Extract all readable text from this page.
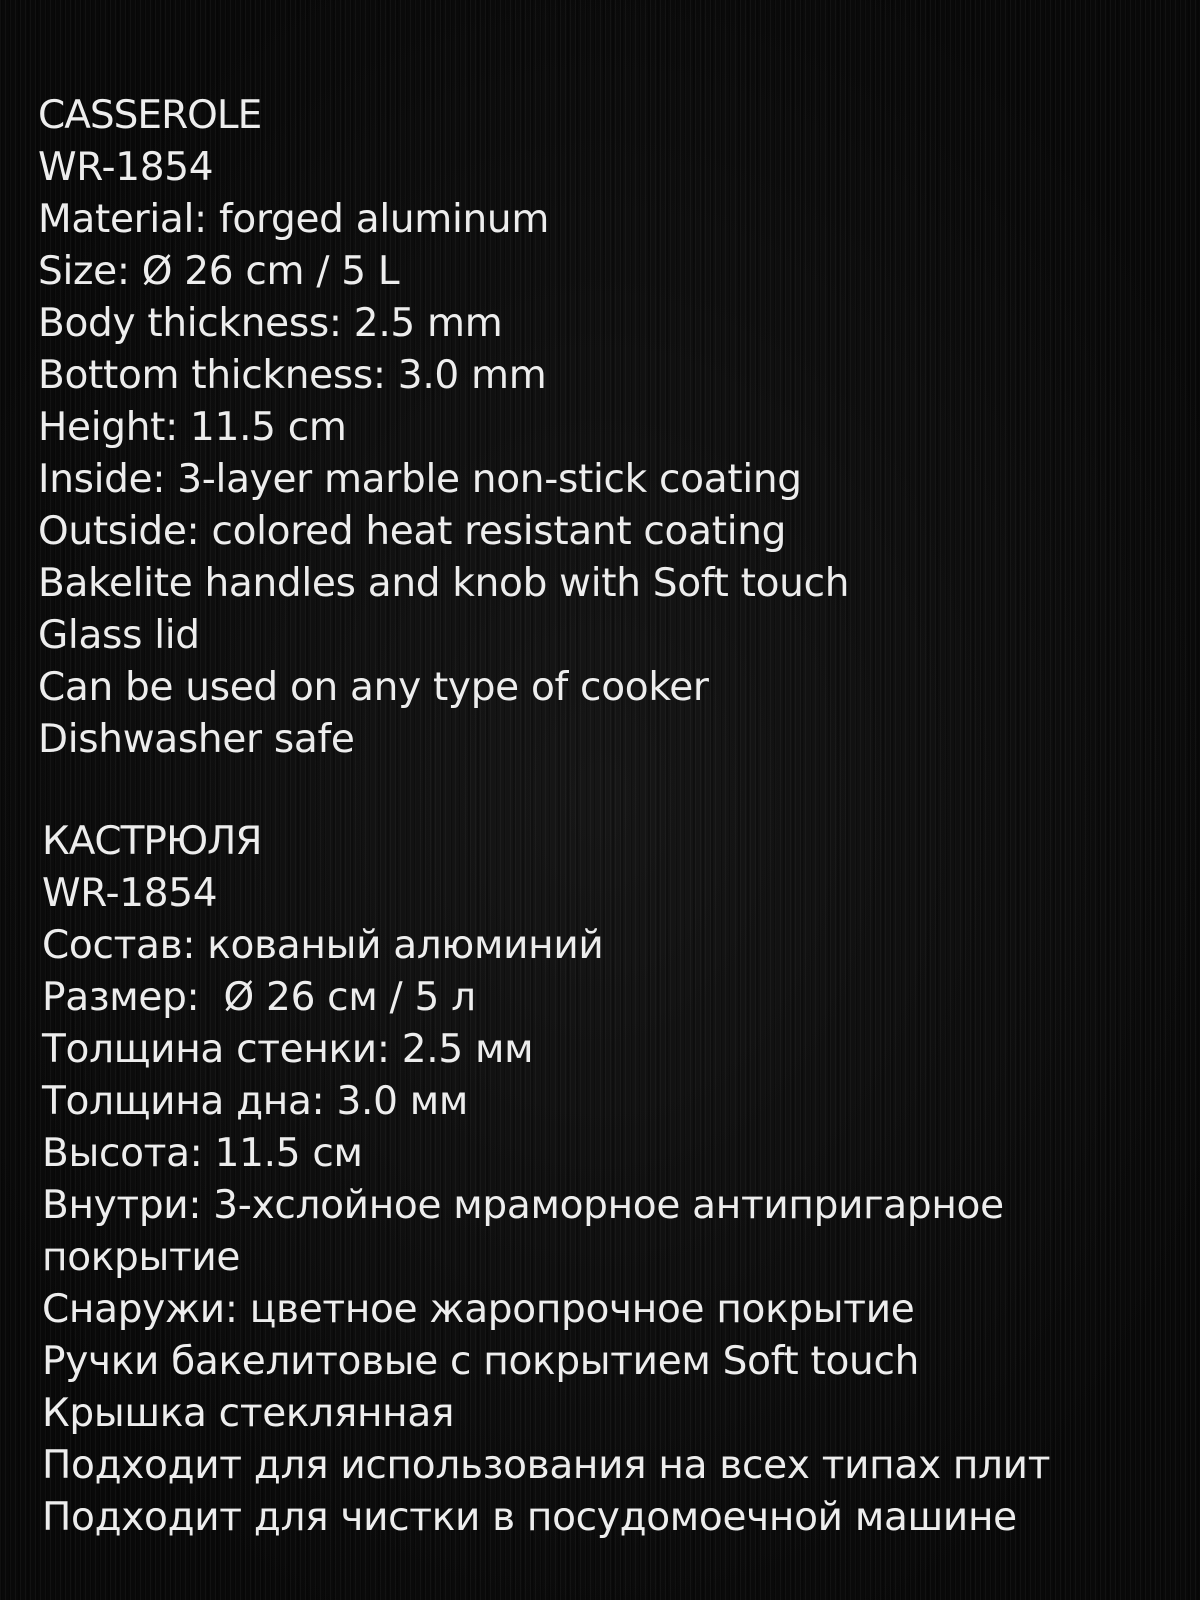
CASSEROLE

WR-1854

Material: forged aluminum

Size: Ø 26 cm / 5 L

Body thickness: 2.5 mm

Bottom thickness: 3.0 mm

Height: 11.5 cm

Inside: 3-layer marble non-stick coating

Outside: colored heat resistant coating

Bakelite handles and knob with Soft touch

Glass lid

Can be used on any type of cooker

Dishwasher safe

КАСТРЮЛЯ

WR-1854

Состав: кованый алюминий

Размер:  Ø 26 см / 5 л

Толщина стенки: 2.5 мм

Толщина дна: 3.0 мм

Высота: 11.5 см

Внутри: 3-хслойное мраморное антипригарное покрытие

Снаружи: цветное жаропрочное покрытие

Ручки бакелитовые с покрытием Soft touch

Крышка стеклянная

Подходит для использования на всех типах плит

Подходит для чистки в посудомоечной машине
